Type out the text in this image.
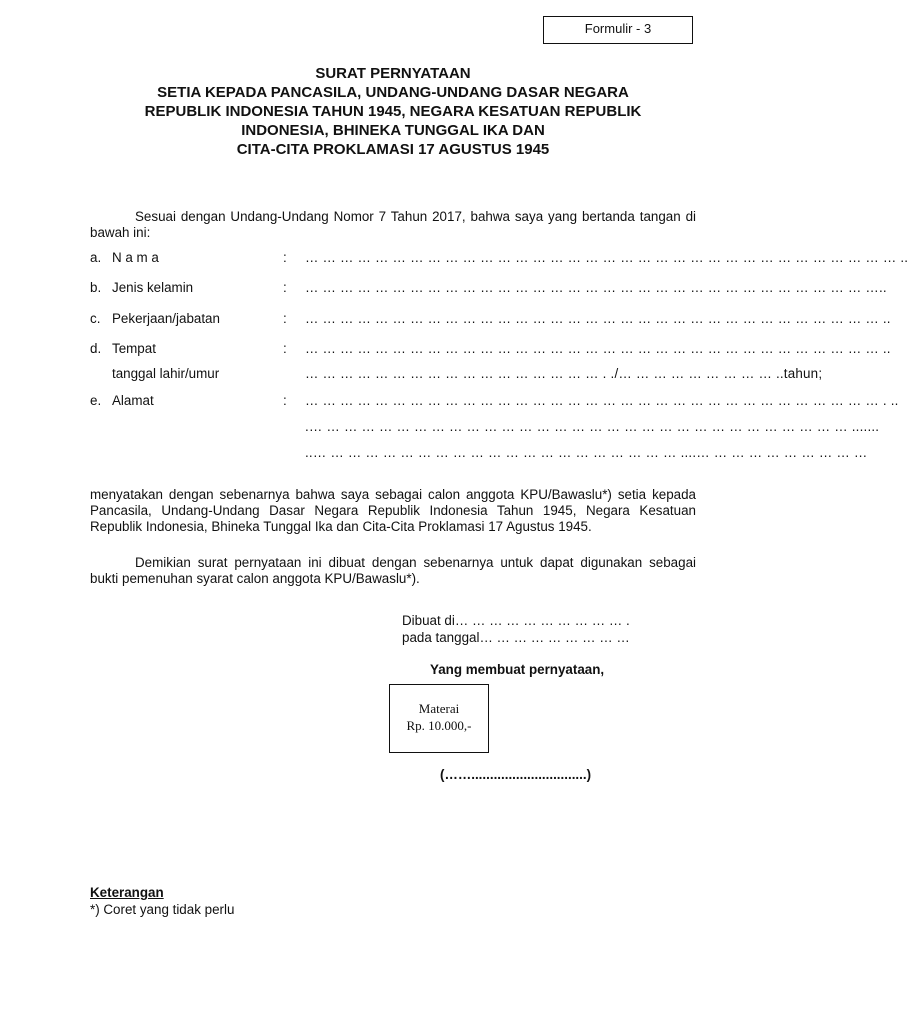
Formulir - 3
SURAT PERNYATAAN
SETIA KEPADA PANCASILA, UNDANG-UNDANG DASAR NEGARA
REPUBLIK INDONESIA TAHUN 1945, NEGARA KESATUAN REPUBLIK
INDONESIA, BHINEKA TUNGGAL IKA DAN
CITA-CITA PROKLAMASI 17 AGUSTUS 1945
Sesuai dengan Undang-Undang Nomor 7 Tahun 2017, bahwa saya yang bertanda tangan di bawah ini:
a. N a m a	: … … … … … … … … … … … … … … … … … … … … … … … … … … … … … … … … … … ..
b. Jenis kelamin	: … … … … … … … … … … … … … … … … … … … … … … … … … … … … … … … … …..
c. Pekerjaan/jabatan	: … … … … … … … … … … … … … … … … … … … … … … … … … … … … … … … … … ..
d. Tempat	: … … … … … … … … … … … … … … … … … … … … … … … … … … … … … … … … … ..
tanggal lahir/umur	… … … … … … … … … … … … … … … … … . ./… … … … … … … … … ..tahun;
e. Alamat	: … … … … … … … … … … … … … … … … … … … … … … … … … … … … … … … … … . ..
.… … … … … … … … … … … … … … … … … … … … … … … … … … … … … … … .......
..… … … … … … … … … … … … … … … … … … … … … ....… … … … … … … … … …
menyatakan dengan sebenarnya bahwa saya sebagai calon anggota KPU/Bawaslu*) setia kepada Pancasila, Undang-Undang Dasar Negara Republik Indonesia Tahun 1945, Negara Kesatuan Republik Indonesia, Bhineka Tunggal Ika dan Cita-Cita Proklamasi 17 Agustus 1945.
Demikian surat pernyataan ini dibuat dengan sebenarnya untuk dapat digunakan sebagai bukti pemenuhan syarat calon anggota KPU/Bawaslu*).
Dibuat di… … … … … … … … … … .
pada tanggal… … … … … … … … …
Yang membuat pernyataan,
Materai
Rp. 10.000,-
(……...............................)
Keterangan
*) Coret yang tidak perlu
